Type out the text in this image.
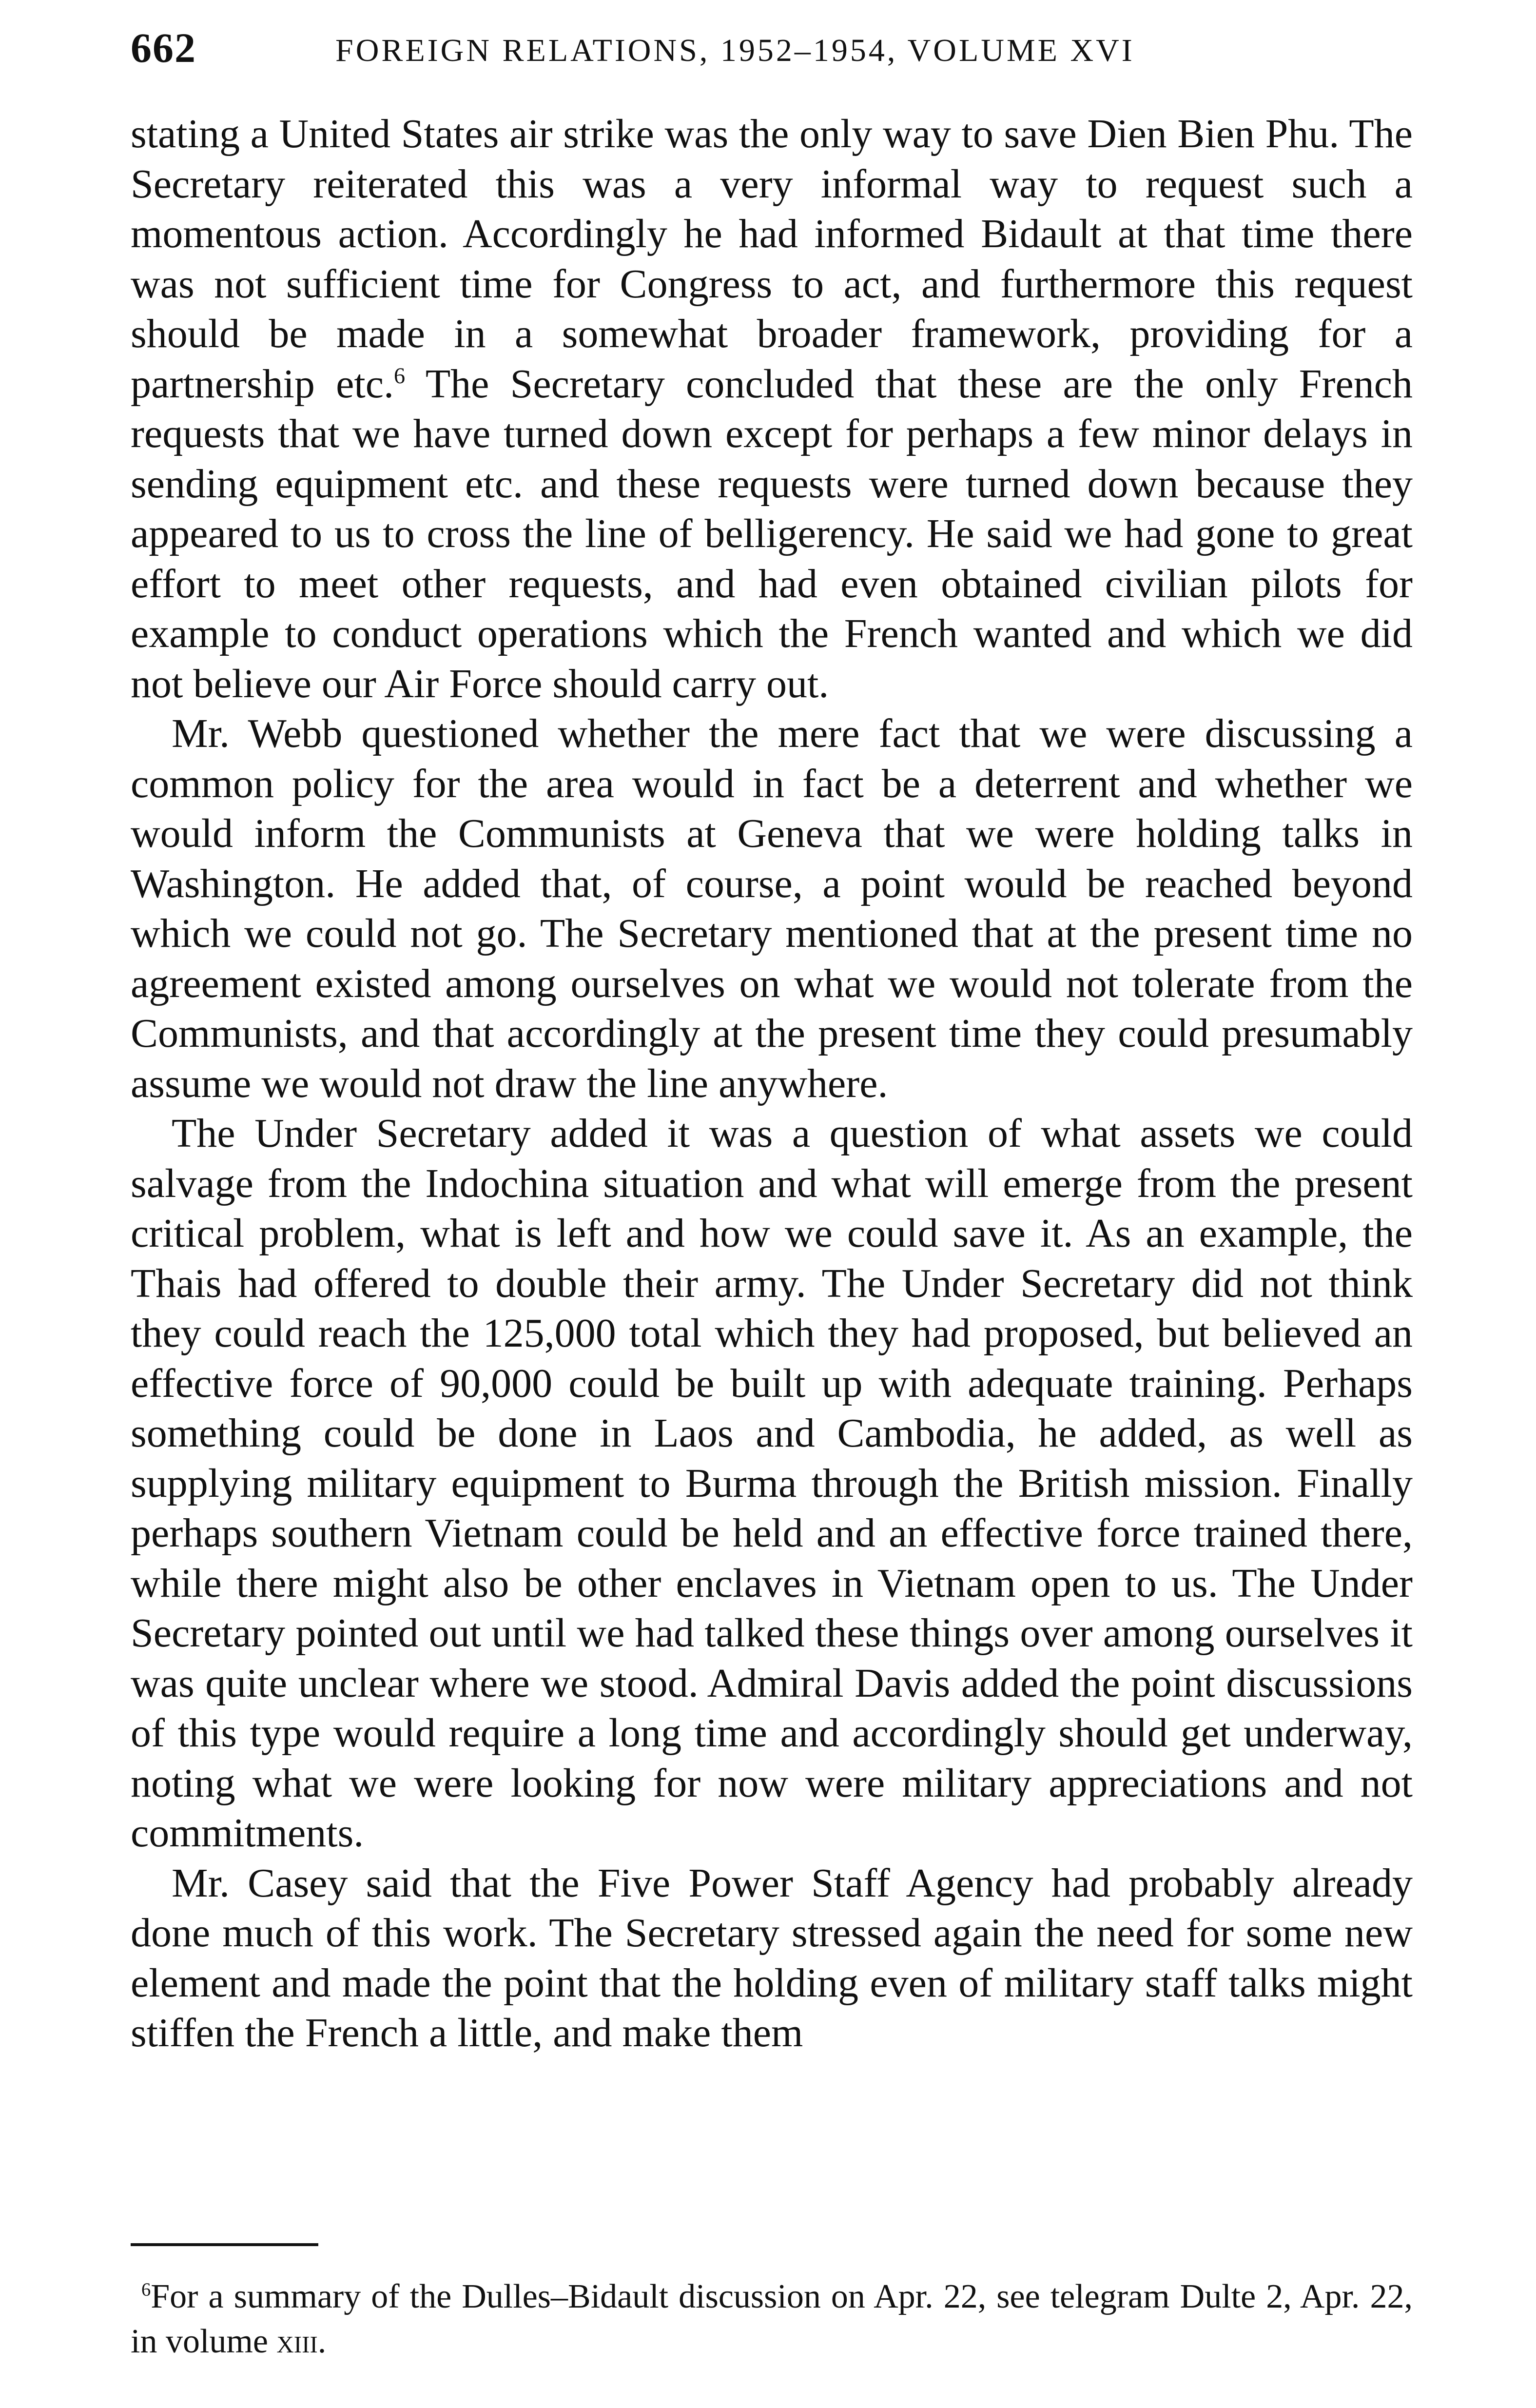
662	FOREIGN RELATIONS, 1952–1954, VOLUME XVI

stating a United States air strike was the only way to save Dien Bien Phu. The Secretary reiterated this was a very informal way to request such a momentous action. Accordingly he had informed Bidault at that time there was not sufficient time for Congress to act, and furthermore this request should be made in a somewhat broader framework, providing for a partnership etc.$^6$ The Secretary concluded that these are the only French requests that we have turned down except for perhaps a few minor delays in sending equipment etc. and these requests were turned down because they appeared to us to cross the line of belligerency. He said we had gone to great effort to meet other requests, and had even obtained civilian pilots for example to conduct operations which the French wanted and which we did not believe our Air Force should carry out.

Mr. Webb questioned whether the mere fact that we were discussing a common policy for the area would in fact be a deterrent and whether we would inform the Communists at Geneva that we were holding talks in Washington. He added that, of course, a point would be reached beyond which we could not go. The Secretary mentioned that at the present time no agreement existed among ourselves on what we would not tolerate from the Communists, and that accordingly at the present time they could presumably assume we would not draw the line anywhere.

The Under Secretary added it was a question of what assets we could salvage from the Indochina situation and what will emerge from the present critical problem, what is left and how we could save it. As an example, the Thais had offered to double their army. The Under Secretary did not think they could reach the 125,000 total which they had proposed, but believed an effective force of 90,000 could be built up with adequate training. Perhaps something could be done in Laos and Cambodia, he added, as well as supplying military equipment to Burma through the British mission. Finally perhaps southern Vietnam could be held and an effective force trained there, while there might also be other enclaves in Vietnam open to us. The Under Secretary pointed out until we had talked these things over among ourselves it was quite unclear where we stood. Admiral Davis added the point discussions of this type would require a long time and accordingly should get underway, noting what we were looking for now were military appreciations and not commitments.

Mr. Casey said that the Five Power Staff Agency had probably already done much of this work. The Secretary stressed again the need for some new element and made the point that the holding even of military staff talks might stiffen the French a little, and make them

$^6$For a summary of the Dulles–Bidault discussion on Apr. 22, see telegram Dulte 2, Apr. 22, in volume xiii.
